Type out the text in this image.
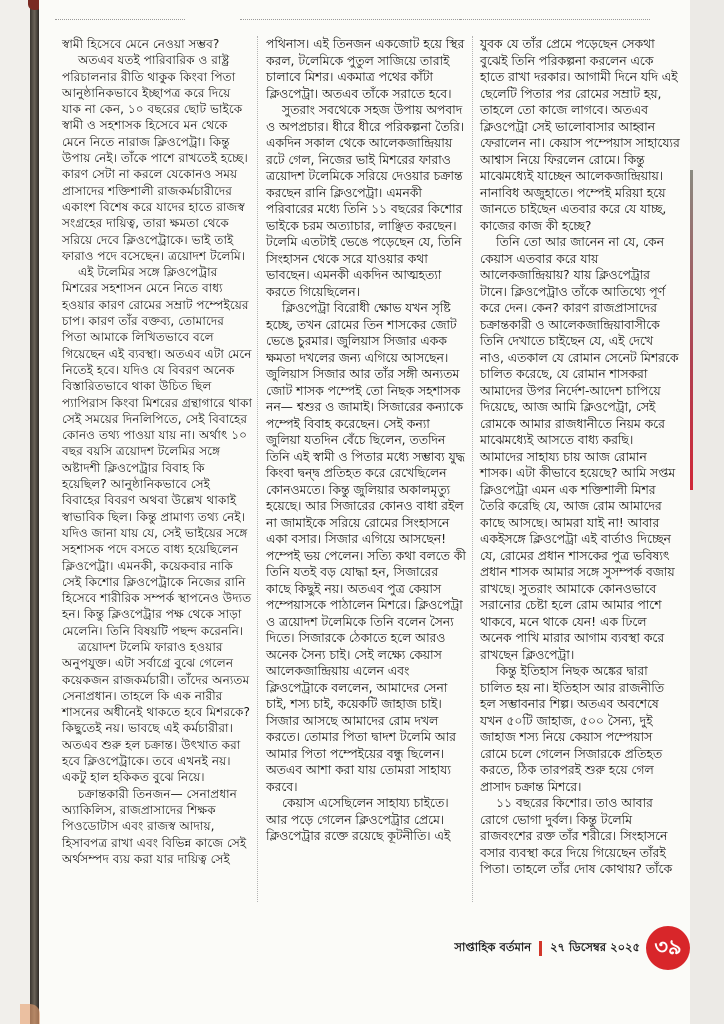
স্বামী হিসেবে মেনে নেওয়া সম্ভব?

অতএব যতই পারিবারিক ও রাষ্ট্র পরিচালনার রীতি থাকুক কিংবা পিতা আনুষ্ঠানিকভাবে ইচ্ছাপত্র করে দিয়ে যাক না কেন, ১০ বছরের ছোট ভাইকে স্বামী ও সহশাসক হিসেবে মন থেকে মেনে নিতে নারাজ ক্লিওপেট্রা। কিন্তু উপায় নেই। তাঁকে পাশে রাখতেই হচ্ছে। কারণ সেটা না করলে যেকোনও সময় প্রাসাদের শক্তিশালী রাজকর্মচারীদের একাংশ বিশেষ করে যাদের হাতে রাজস্ব সংগ্রহের দায়িত্ব, তারা ক্ষমতা থেকে সরিয়ে দেবে ক্লিওপেট্রাকে। ভাই তাই ফারাও পদে বসেছেন। ত্রয়োদশ টলেমি।

এই টলেমির সঙ্গে ক্লিওপেট্রার মিশরের সহশাসন মেনে নিতে বাধ্য হওয়ার কারণ রোমের সম্রাট পম্পেইয়ের চাপ। কারণ তাঁর বক্তব্য, তোমাদের পিতা আমাকে লিখিতভাবে বলে গিয়েছেন এই ব্যবস্থা। অতএব এটা মেনে নিতেই হবে। যদিও যে বিবরণ অনেক বিস্তারিতভাবে থাকা উচিত ছিল প্যাপিরাস কিংবা মিশরের গ্রন্থাগারে থাকা সেই সময়ের দিনলিপিতে, সেই বিবাহের কোনও তথ্য পাওয়া যায় না। অর্থাৎ ১০ বছর বয়সি ত্রয়োদশ টলেমির সঙ্গে অষ্টাদশী ক্লিওপেট্রার বিবাহ কি হয়েছিল? আনুষ্ঠানিকভাবে সেই বিবাহের বিবরণ অথবা উল্লেখ থাকাই স্বাভাবিক ছিল। কিন্তু প্রামাণ্য তথ্য নেই। যদিও জানা যায় যে, সেই ভাইয়ের সঙ্গে সহশাসক পদে বসতে বাধ্য হয়েছিলেন ক্লিওপেট্রা। এমনকী, কয়েকবার নাকি সেই কিশোর ক্লিওপেট্রাকে নিজের রানি হিসেবে শারীরিক সম্পর্ক স্থাপনেও উদ্যত হন। কিন্তু ক্লিওপেট্রার পক্ষ থেকে সাড়া মেলেনি। তিনি বিষয়টি পছন্দ করেননি।

ত্রয়োদশ টলেমি ফারাও হওয়ার অনুপযুক্ত। এটা সর্বাগ্রে বুঝে গেলেন কয়েকজন রাজকর্মচারী। তাঁদের অন্যতম সেনাপ্রধান। তাহলে কি এক নারীর শাসনের অধীনেই থাকতে হবে মিশরকে? কিছুতেই নয়। ভাবছে এই কর্মচারীরা। অতএব শুরু হল চক্রান্ত। উৎখাত করা হবে ক্লিওপেট্রাকে। তবে এখনই নয়। একটু হাল হকিকত বুঝে নিয়ে।

চক্রান্তকারী তিনজন— সেনাপ্রধান অ্যাকিলিস, রাজপ্রাসাদের শিক্ষক পিওডোটাস এবং রাজস্ব আদায়, হিসাবপত্র রাখা এবং বিভিন্ন কাজে সেই অর্থসম্পদ ব্যয় করা যার দায়িত্ব সেই

পথিনাস। এই তিনজন একজোট হয়ে স্থির করল, টলেমিকে পুতুল সাজিয়ে তারাই চালাবে মিশর। একমাত্র পথের কাঁটা ক্লিওপেট্রা। অতএব তাঁকে সরাতে হবে।

সুতরাং সবথেকে সহজ উপায় অপবাদ ও অপপ্রচার। ধীরে ধীরে পরিকল্পনা তৈরি। একদিন সকাল থেকে আলেকজান্দ্রিয়ায় রটে গেল, নিজের ভাই মিশরের ফারাও ত্রয়োদশ টলেমিকে সরিয়ে দেওয়ার চক্রান্ত করছেন রানি ক্লিওপেট্রা। এমনকী পরিবারের মধ্যে তিনি ১১ বছরের কিশোর ভাইকে চরম অত্যাচার, লাঞ্ছিত করছেন। টলেমি এতটাই ভেঙে পড়েছেন যে, তিনি সিংহাসন থেকে সরে যাওয়ার কথা ভাবছেন। এমনকী একদিন আত্মহত্যা করতে গিয়েছিলেন।

ক্লিওপেট্রা বিরোধী ক্ষোভ যখন সৃষ্টি হচ্ছে, তখন রোমের তিন শাসকের জোট ভেঙে চুরমার। জুলিয়াস সিজার একক ক্ষমতা দখলের জন্য এগিয়ে আসছেন। জুলিয়াস সিজার আর তাঁর সঙ্গী অন্যতম জোট শাসক পম্পেই তো নিছক সহশাসক নন— শ্বশুর ও জামাই। সিজারের কন্যাকে পম্পেই বিবাহ করেছেন। সেই কন্যা জুলিয়া যতদিন বেঁচে ছিলেন, ততদিন তিনি এই স্বামী ও পিতার মধ্যে সম্ভাব্য যুদ্ধ কিংবা দ্বন্দ্ব প্রতিহত করে রেখেছিলেন কোনওমতে। কিন্তু জুলিয়ার অকালমৃত্যু হয়েছে। আর সিজারের কোনও বাধা রইল না জামাইকে সরিয়ে রোমের সিংহাসনে একা বসার। সিজার এগিয়ে আসছেন! পম্পেই ভয় পেলেন। সত্যি কথা বলতে কী তিনি যতই বড় যোদ্ধা হন, সিজারের কাছে কিছুই নয়। অতএব পুত্র কেয়াস পম্পেয়াসকে পাঠালেন মিশরে। ক্লিওপেট্রা ও ত্রয়োদশ টলেমিকে তিনি বলেন সৈন্য দিতে। সিজারকে ঠেকাতে হলে আরও অনেক সৈন্য চাই। সেই লক্ষ্যে কেয়াস আলেকজান্দ্রিয়ায় এলেন এবং ক্লিওপেট্রাকে বললেন, আমাদের সেনা চাই, শস্য চাই, কয়েকটি জাহাজ চাই। সিজার আসছে আমাদের রোম দখল করতে। তোমার পিতা দ্বাদশ টলেমি আর আমার পিতা পম্পেইয়ের বন্ধু ছিলেন। অতএব আশা করা যায় তোমরা সাহায্য করবে।

কেয়াস এসেছিলেন সাহায্য চাইতে। আর পড়ে গেলেন ক্লিওপেট্রার প্রেমে। ক্লিওপেট্রার রক্তে রয়েছে কূটনীতি। এই

যুবক যে তাঁর প্রেমে পড়েছেন সেকথা বুঝেই তিনি পরিকল্পনা করলেন একে হাতে রাখা দরকার। আগামী দিনে যদি এই ছেলেটি পিতার পর রোমের সম্রাট হয়, তাহলে তো কাজে লাগবে। অতএব ক্লিওপেট্রা সেই ভালোবাসার আহ্বান ফেরালেন না। কেয়াস পম্পেয়াস সাহায্যের আশ্বাস নিয়ে ফিরলেন রোমে। কিন্তু মাঝেমধ্যেই যাচ্ছেন আলেকজান্দ্রিয়ায়। নানাবিধ অজুহাতে। পম্পেই মরিয়া হয়ে জানতে চাইছেন এতবার করে যে যাচ্ছ, কাজের কাজ কী হচ্ছে?

তিনি তো আর জানেন না যে, কেন কেয়াস এতবার করে যায় আলেকজান্দ্রিয়ায়? যায় ক্লিওপেট্রার টানে। ক্লিওপেট্রাও তাঁকে আতিথ্যে পূর্ণ করে দেন। কেন? কারণ রাজপ্রাসাদের চক্রান্তকারী ও আলেকজান্দ্রিয়াবাসীকে তিনি দেখাতে চাইছেন যে, এই দেখে নাও, এতকাল যে রোমান সেনেট মিশরকে চালিত করেছে, যে রোমান শাসকরা আমাদের উপর নির্দেশ-আদেশ চাপিয়ে দিয়েছে, আজ আমি ক্লিওপেট্রা, সেই রোমকে আমার রাজধানীতে নিয়ম করে মাঝেমধ্যেই আসতে বাধ্য করছি। আমাদের সাহায্য চায় আজ রোমান শাসক। এটা কীভাবে হয়েছে? আমি সপ্তম ক্লিওপেট্রা এমন এক শক্তিশালী মিশর তৈরি করেছি যে, আজ রোম আমাদের কাছে আসছে। আমরা যাই না! আবার একইসঙ্গে ক্লিওপেট্রা এই বার্তাও দিচ্ছেন যে, রোমের প্রধান শাসকের পুত্র ভবিষ্যৎ প্রধান শাসক আমার সঙ্গে সুসম্পর্ক বজায় রাখছে। সুতরাং আমাকে কোনওভাবে সরানোর চেষ্টা হলে রোম আমার পাশে থাকবে, মনে থাকে যেন! এক ঢিলে অনেক পাখি মারার আগাম ব্যবস্থা করে রাখছেন ক্লিওপেট্রা।

কিন্তু ইতিহাস নিছক অঙ্কের দ্বারা চালিত হয় না। ইতিহাস আর রাজনীতি হল সম্ভাবনার শিল্প। অতএব অবশেষে যখন ৫০টি জাহাজ, ৫০০ সৈন্য, দুই জাহাজ শস্য নিয়ে কেয়াস পম্পেয়াস রোমে চলে গেলেন সিজারকে প্রতিহত করতে, ঠিক তারপরই শুরু হয়ে গেল প্রাসাদ চক্রান্ত মিশরে।

১১ বছরের কিশোর। তাও আবার রোগে ভোগা দুর্বল। কিন্তু টলেমি রাজবংশের রক্ত তাঁর শরীরে। সিংহাসনে বসার ব্যবস্থা করে দিয়ে গিয়েছেন তাঁরই পিতা। তাহলে তাঁর দোষ কোথায়? তাঁকে

সাপ্তাহিক বর্তমান ২৭ ডিসেম্বর ২০২৫ ৩৯
